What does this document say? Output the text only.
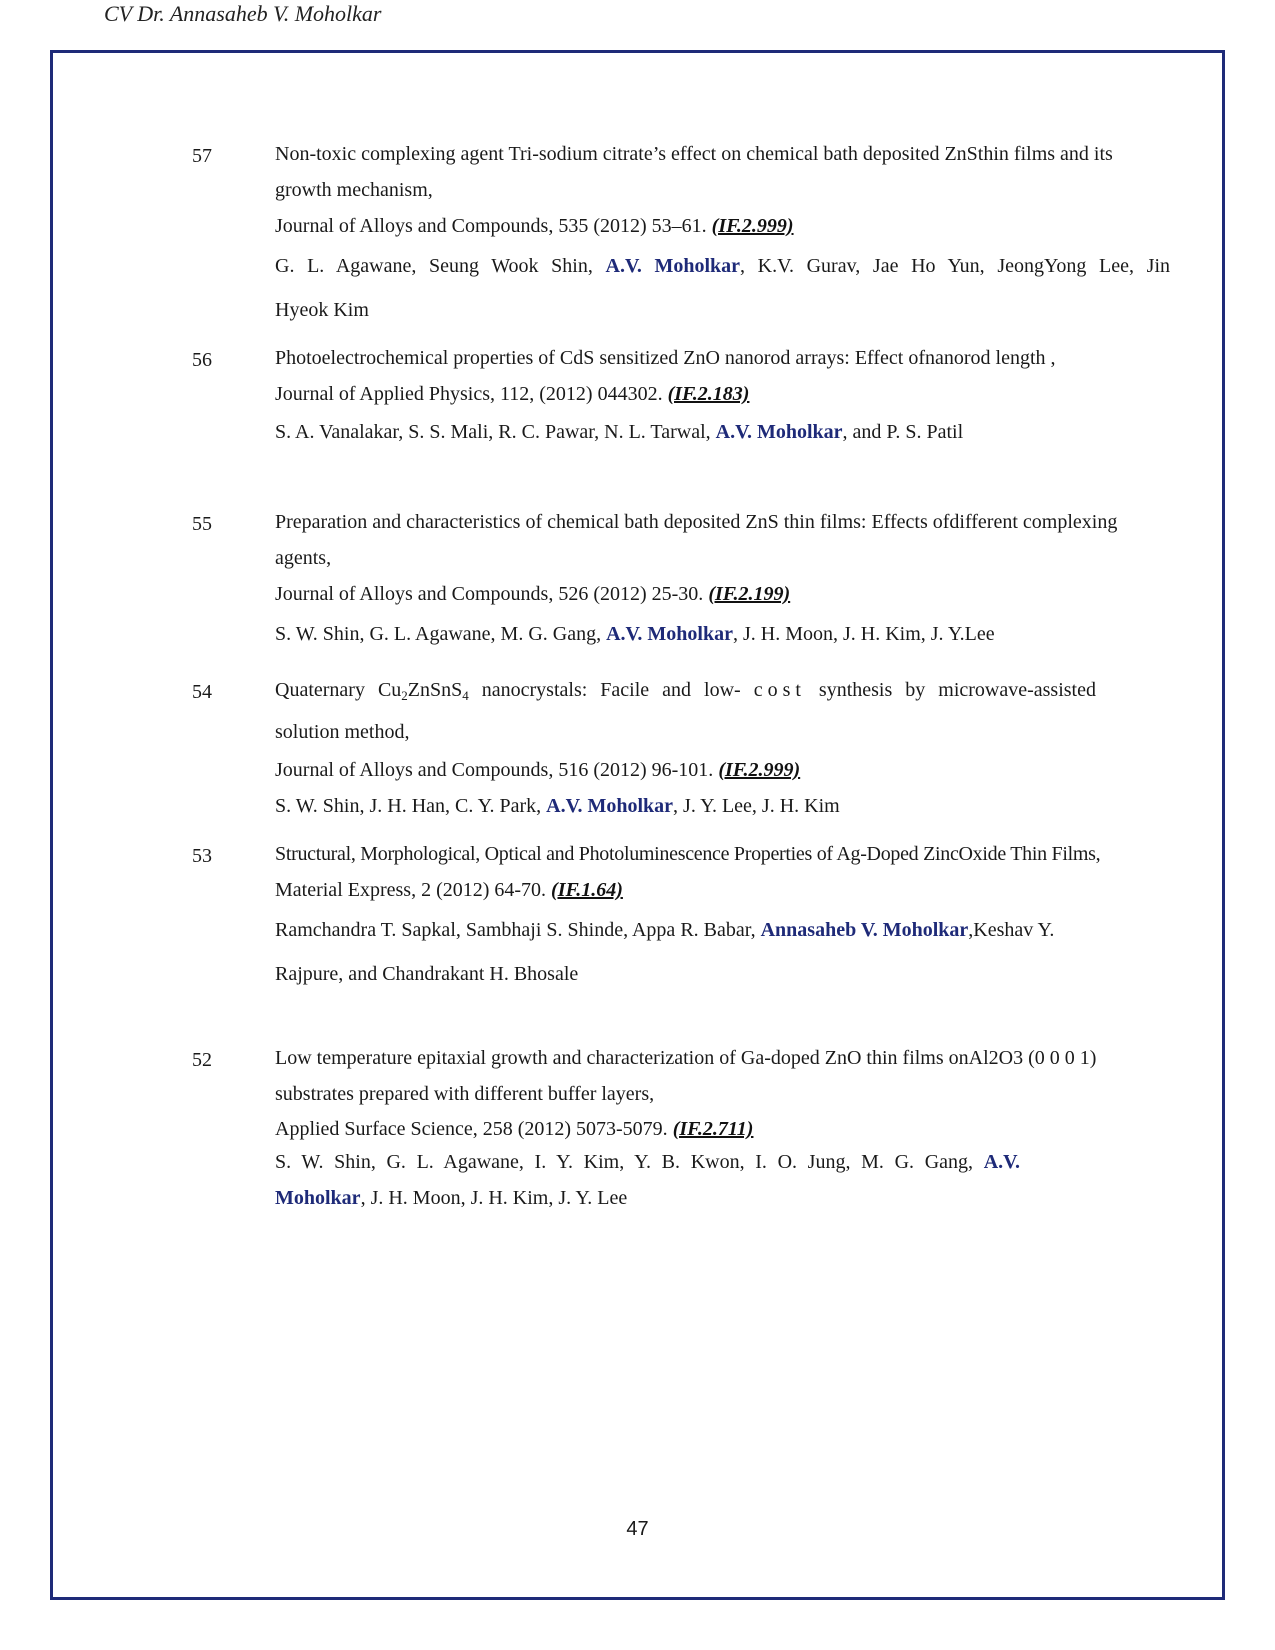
CV Dr. Annasaheb V. Moholkar
57	Non-toxic complexing agent Tri-sodium citrate’s effect on chemical bath deposited ZnSthin films and its
growth mechanism,
Journal of Alloys and Compounds, 535 (2012) 53–61. (IF.2.999)
G. L. Agawane, Seung Wook Shin, A.V. Moholkar, K.V. Gurav, Jae Ho Yun, JeongYong Lee, Jin
Hyeok Kim
56	Photoelectrochemical properties of CdS sensitized ZnO nanorod arrays: Effect ofnanorod length ,
Journal of Applied Physics, 112, (2012) 044302. (IF.2.183)
S. A. Vanalakar, S. S. Mali, R. C. Pawar, N. L. Tarwal, A.V. Moholkar, and P. S. Patil
55	Preparation and characteristics of chemical bath deposited ZnS thin films: Effects ofdifferent complexing
agents,
Journal of Alloys and Compounds, 526 (2012) 25-30. (IF.2.199)
S. W. Shin, G. L. Agawane, M. G. Gang, A.V. Moholkar, J. H. Moon, J. H. Kim, J. Y.Lee
54	Quaternary $Cu_2ZnSnS_4$ nanocrystals: Facile and low- cost synthesis by microwave-assisted
solution method,
Journal of Alloys and Compounds, 516 (2012) 96-101. (IF.2.999)
S. W. Shin, J. H. Han, C. Y. Park, A.V. Moholkar, J. Y. Lee, J. H. Kim
53	Structural, Morphological, Optical and Photoluminescence Properties of Ag-Doped ZincOxide Thin Films,
Material Express, 2 (2012) 64-70. (IF.1.64)
Ramchandra T. Sapkal, Sambhaji S. Shinde, Appa R. Babar, Annasaheb V. Moholkar,Keshav Y.
Rajpure, and Chandrakant H. Bhosale
52	Low temperature epitaxial growth and characterization of Ga-doped ZnO thin films onAl2O3 (0 0 0 1)
substrates prepared with different buffer layers,
Applied Surface Science, 258 (2012) 5073-5079. (IF.2.711)
S. W. Shin, G. L. Agawane, I. Y. Kim, Y. B. Kwon, I. O. Jung, M. G. Gang, A.V.
Moholkar, J. H. Moon, J. H. Kim, J. Y. Lee
47
